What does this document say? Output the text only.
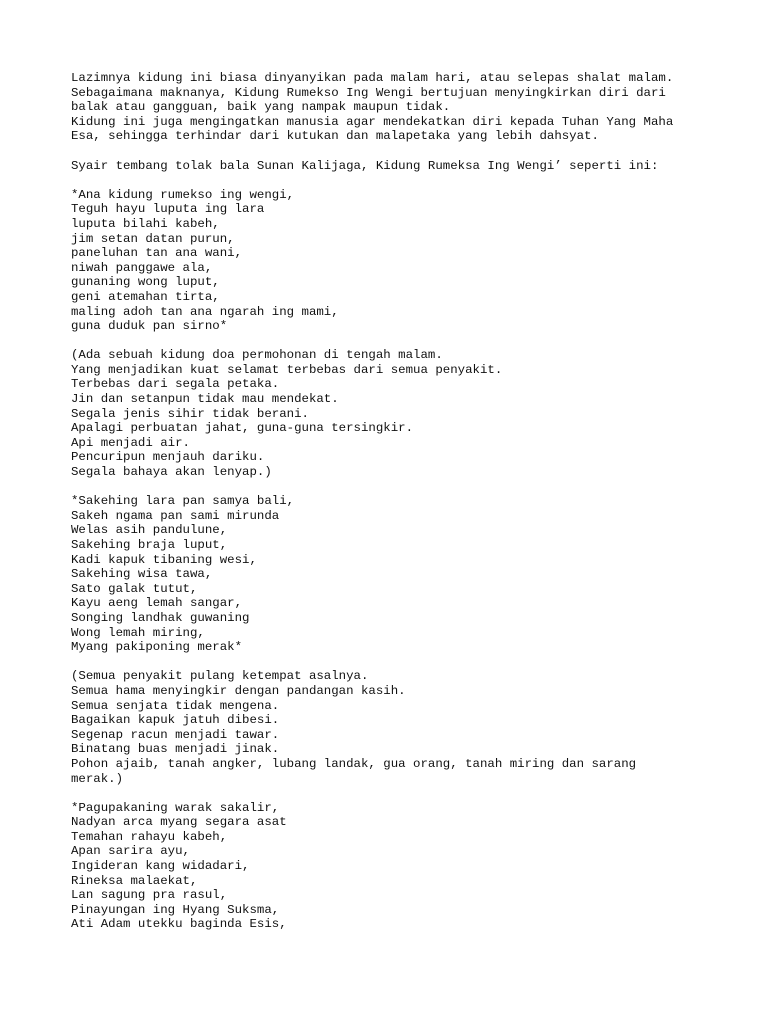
Lazimnya kidung ini biasa dinyanyikan pada malam hari, atau selepas shalat malam.
Sebagaimana maknanya, Kidung Rumekso Ing Wengi bertujuan menyingkirkan diri dari
balak atau gangguan, baik yang nampak maupun tidak.
Kidung ini juga mengingatkan manusia agar mendekatkan diri kepada Tuhan Yang Maha
Esa, sehingga terhindar dari kutukan dan malapetaka yang lebih dahsyat.
Syair tembang tolak bala Sunan Kalijaga, Kidung Rumeksa Ing Wengi’ seperti ini:
*Ana kidung rumekso ing wengi,
Teguh hayu luputa ing lara
luputa bilahi kabeh,
jim setan datan purun,
paneluhan tan ana wani,
niwah panggawe ala,
gunaning wong luput,
geni atemahan tirta,
maling adoh tan ana ngarah ing mami,
guna duduk pan sirno*
(Ada sebuah kidung doa permohonan di tengah malam.
Yang menjadikan kuat selamat terbebas dari semua penyakit.
Terbebas dari segala petaka.
Jin dan setanpun tidak mau mendekat.
Segala jenis sihir tidak berani.
Apalagi perbuatan jahat, guna-guna tersingkir.
Api menjadi air.
Pencuripun menjauh dariku.
Segala bahaya akan lenyap.)
*Sakehing lara pan samya bali,
Sakeh ngama pan sami mirunda
Welas asih pandulune,
Sakehing braja luput,
Kadi kapuk tibaning wesi,
Sakehing wisa tawa,
Sato galak tutut,
Kayu aeng lemah sangar,
Songing landhak guwaning
Wong lemah miring,
Myang pakiponing merak*
(Semua penyakit pulang ketempat asalnya.
Semua hama menyingkir dengan pandangan kasih.
Semua senjata tidak mengena.
Bagaikan kapuk jatuh dibesi.
Segenap racun menjadi tawar.
Binatang buas menjadi jinak.
Pohon ajaib, tanah angker, lubang landak, gua orang, tanah miring dan sarang
merak.)
*Pagupakaning warak sakalir,
Nadyan arca myang segara asat
Temahan rahayu kabeh,
Apan sarira ayu,
Ingideran kang widadari,
Rineksa malaekat,
Lan sagung pra rasul,
Pinayungan ing Hyang Suksma,
Ati Adam utekku baginda Esis,
